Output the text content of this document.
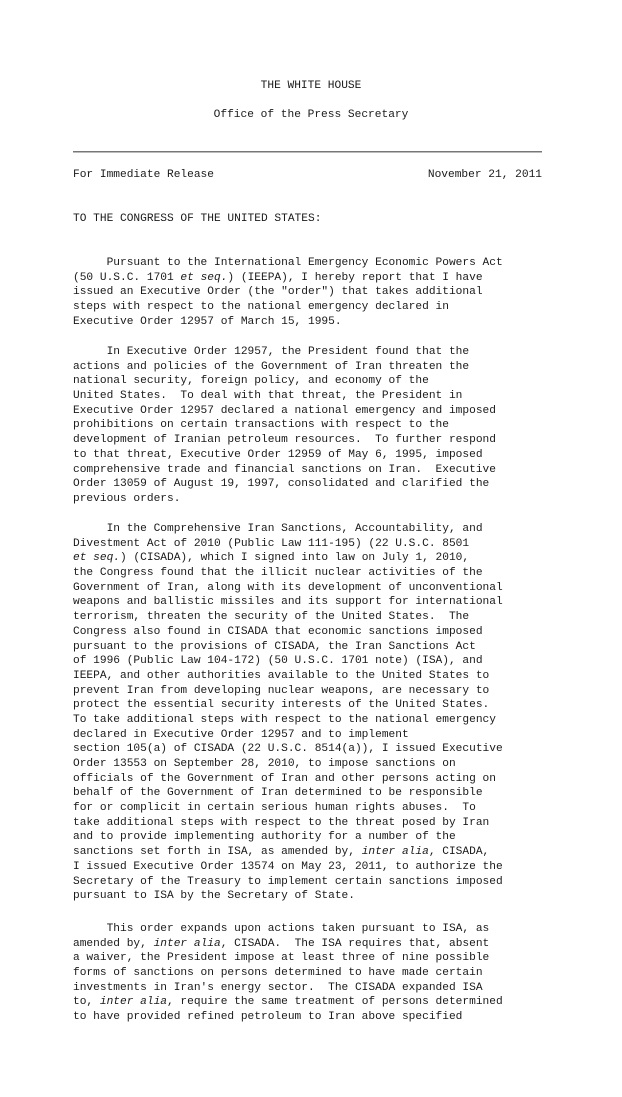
THE WHITE HOUSE
Office of the Press Secretary
For Immediate Release	November 21, 2011
TO THE CONGRESS OF THE UNITED STATES:
Pursuant to the International Emergency Economic Powers Act
(50 U.S.C. 1701 et seq.) (IEEPA), I hereby report that I have
issued an Executive Order (the "order") that takes additional
steps with respect to the national emergency declared in
Executive Order 12957 of March 15, 1995.
In Executive Order 12957, the President found that the
actions and policies of the Government of Iran threaten the
national security, foreign policy, and economy of the
United States.  To deal with that threat, the President in
Executive Order 12957 declared a national emergency and imposed
prohibitions on certain transactions with respect to the
development of Iranian petroleum resources.  To further respond
to that threat, Executive Order 12959 of May 6, 1995, imposed
comprehensive trade and financial sanctions on Iran.  Executive
Order 13059 of August 19, 1997, consolidated and clarified the
previous orders.
In the Comprehensive Iran Sanctions, Accountability, and
Divestment Act of 2010 (Public Law 111-195) (22 U.S.C. 8501
et seq.) (CISADA), which I signed into law on July 1, 2010,
the Congress found that the illicit nuclear activities of the
Government of Iran, along with its development of unconventional
weapons and ballistic missiles and its support for international
terrorism, threaten the security of the United States.  The
Congress also found in CISADA that economic sanctions imposed
pursuant to the provisions of CISADA, the Iran Sanctions Act
of 1996 (Public Law 104-172) (50 U.S.C. 1701 note) (ISA), and
IEEPA, and other authorities available to the United States to
prevent Iran from developing nuclear weapons, are necessary to
protect the essential security interests of the United States.
To take additional steps with respect to the national emergency
declared in Executive Order 12957 and to implement
section 105(a) of CISADA (22 U.S.C. 8514(a)), I issued Executive
Order 13553 on September 28, 2010, to impose sanctions on
officials of the Government of Iran and other persons acting on
behalf of the Government of Iran determined to be responsible
for or complicit in certain serious human rights abuses.  To
take additional steps with respect to the threat posed by Iran
and to provide implementing authority for a number of the
sanctions set forth in ISA, as amended by, inter alia, CISADA,
I issued Executive Order 13574 on May 23, 2011, to authorize the
Secretary of the Treasury to implement certain sanctions imposed
pursuant to ISA by the Secretary of State.
This order expands upon actions taken pursuant to ISA, as
amended by, inter alia, CISADA.  The ISA requires that, absent
a waiver, the President impose at least three of nine possible
forms of sanctions on persons determined to have made certain
investments in Iran's energy sector.  The CISADA expanded ISA
to, inter alia, require the same treatment of persons determined
to have provided refined petroleum to Iran above specified
